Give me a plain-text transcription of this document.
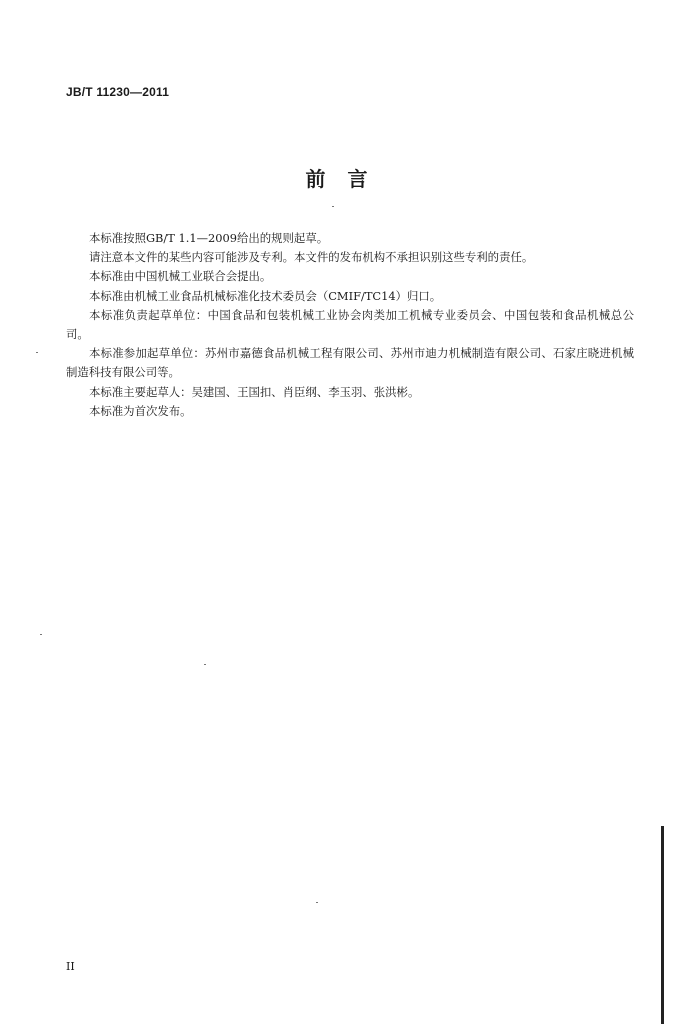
JB/T 11230—2011
前言

本标准按照GB/T 1.1—2009给出的规则起草。

请注意本文件的某些内容可能涉及专利。本文件的发布机构不承担识别这些专利的责任。

本标准由中国机械工业联合会提出。

本标准由机械工业食品机械标准化技术委员会（CMIF/TC14）归口。

本标准负责起草单位：中国食品和包装机械工业协会肉类加工机械专业委员会、中国包装和食品机械总公司。

本标准参加起草单位：苏州市嘉德食品机械工程有限公司、苏州市迪力机械制造有限公司、石家庄晓进机械制造科技有限公司等。

本标准主要起草人：吴建国、王国扣、肖臣纲、李玉羽、张洪彬。

本标准为首次发布。

II
